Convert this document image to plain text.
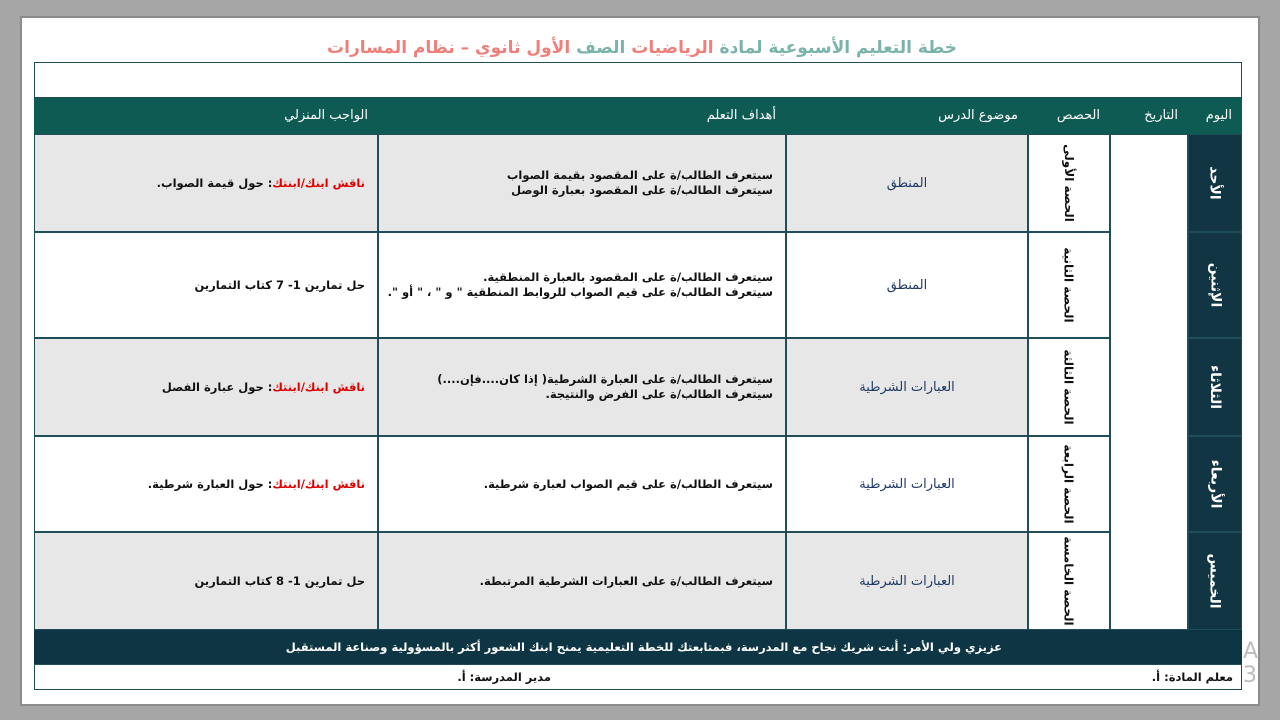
خطة التعليم الأسبوعية لمادة الرياضيات الصف الأول ثانوي – نظام المسارات
اليوم
التاريخ
الحصص
موضوع الدرس
أهداف التعلم
الواجب المنزلي
الأحد
الحصة الأولى
المنطق
سيتعرف الطالب/ة على المقصود بقيمة الصواب
سيتعرف الطالب/ة على المقصود بعبارة الوصل
ناقش ابنك/ابنتك: حول قيمة الصواب.
الإثنين
الحصة الثانية
المنطق
سيتعرف الطالب/ة على المقصود بالعبارة المنطقية.
سيتعرف الطالب/ة على قيم الصواب للروابط المنطقية " و " ، " أو ".
حل تمارين 1- 7 كتاب التمارين
الثلاثاء
الحصة الثالثة
العبارات الشرطية
سيتعرف الطالب/ة على العبارة الشرطية( إذا كان....فإن....)
سيتعرف الطالب/ة على الفرض والنتيجة.
ناقش ابنك/ابنتك: حول عبارة الفصل
الأربعاء
الحصة الرابعة
العبارات الشرطية
سيتعرف الطالب/ة على قيم الصواب لعبارة شرطية.
ناقش ابنك/ابنتك: حول العبارة شرطية.
الخميس
الحصة الخامسة
العبارات الشرطية
سيتعرف الطالب/ة على العبارات الشرطية المرتبطة.
حل تمارين 1- 8 كتاب التمارين
عزيزي ولي الأمر: أنت شريك نجاح مع المدرسة، فبمتابعتك للخطة التعليمية يمنح ابنك الشعور أكثر بالمسؤولية وصناعة المستقبل
معلم المادة: أ.
مدير المدرسة: أ.
A
3
